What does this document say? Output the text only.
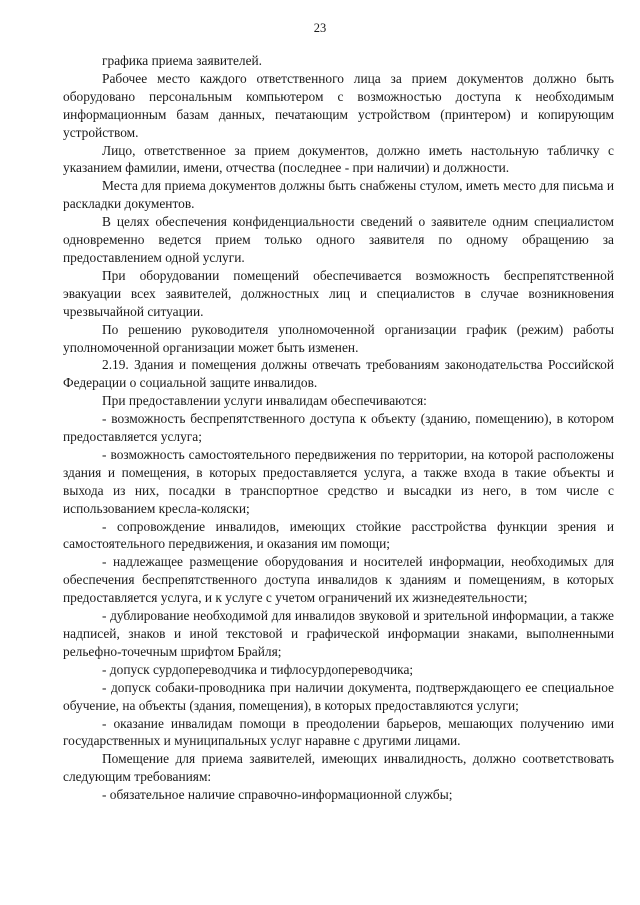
23

графика приема заявителей.

Рабочее место каждого ответственного лица за прием документов должно быть оборудовано персональным компьютером с возможностью доступа к необходимым информационным базам данных, печатающим устройством (принтером) и копирующим устройством.

Лицо, ответственное за прием документов, должно иметь настольную табличку с указанием фамилии, имени, отчества (последнее - при наличии) и должности.

Места для приема документов должны быть снабжены стулом, иметь место для письма и раскладки документов.

В целях обеспечения конфиденциальности сведений о заявителе одним специалистом одновременно ведется прием только одного заявителя по одному обращению за предоставлением одной услуги.

При оборудовании помещений обеспечивается возможность беспрепятственной эвакуации всех заявителей, должностных лиц и специалистов в случае возникновения чрезвычайной ситуации.

По решению руководителя уполномоченной организации график (режим) работы уполномоченной организации может быть изменен.

2.19. Здания и помещения должны отвечать требованиям законодательства Российской Федерации о социальной защите инвалидов.

При предоставлении услуги инвалидам обеспечиваются:

- возможность беспрепятственного доступа к объекту (зданию, помещению), в котором предоставляется услуга;

- возможность самостоятельного передвижения по территории, на которой расположены здания и помещения, в которых предоставляется услуга, а также входа в такие объекты и выхода из них, посадки в транспортное средство и высадки из него, в том числе с использованием кресла-коляски;

- сопровождение инвалидов, имеющих стойкие расстройства функции зрения и самостоятельного передвижения, и оказания им помощи;

- надлежащее размещение оборудования и носителей информации, необходимых для обеспечения беспрепятственного доступа инвалидов к зданиям и помещениям, в которых предоставляется услуга, и к услуге с учетом ограничений их жизнедеятельности;

- дублирование необходимой для инвалидов звуковой и зрительной информации, а также надписей, знаков и иной текстовой и графической информации знаками, выполненными рельефно-точечным шрифтом Брайля;

- допуск сурдопереводчика и тифлосурдопереводчика;

- допуск собаки-проводника при наличии документа, подтверждающего ее специальное обучение, на объекты (здания, помещения), в которых предоставляются услуги;

- оказание инвалидам помощи в преодолении барьеров, мешающих получению ими государственных и муниципальных услуг наравне с другими лицами.

Помещение для приема заявителей, имеющих инвалидность, должно соответствовать следующим требованиям:

- обязательное наличие справочно-информационной службы;
